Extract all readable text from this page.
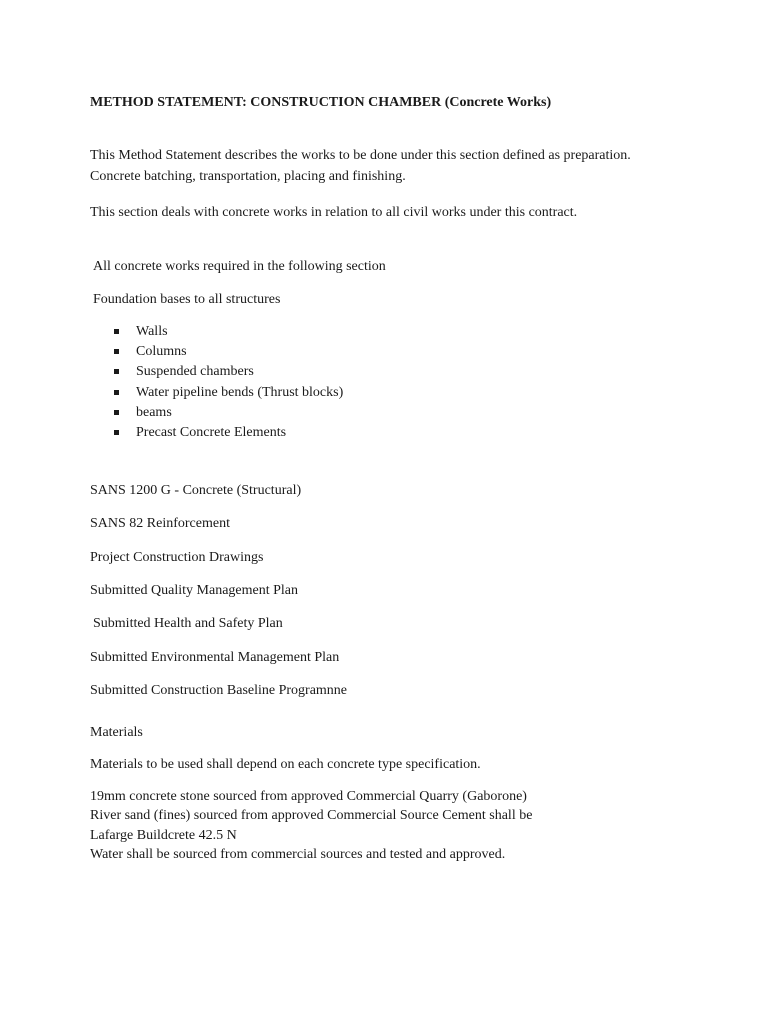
METHOD STATEMENT: CONSTRUCTION CHAMBER (Concrete Works)
This Method Statement describes the works to be done under this section defined as preparation.
Concrete batching, transportation, placing and finishing.
This section deals with concrete works in relation to all civil works under this contract.
All concrete works required in the following section
Foundation bases to all structures
Walls
Columns
Suspended chambers
Water pipeline bends (Thrust blocks)
beams
Precast Concrete Elements
SANS 1200 G - Concrete (Structural)
SANS 82 Reinforcement
Project Construction Drawings
Submitted Quality Management Plan
Submitted Health and Safety Plan
Submitted Environmental Management Plan
Submitted Construction Baseline Programnne
Materials
Materials to be used shall depend on each concrete type specification.
19mm concrete stone sourced from approved Commercial Quarry (Gaborone)
River sand (fines) sourced from approved Commercial Source Cement shall be
Lafarge Buildcrete 42.5 N
Water shall be sourced from commercial sources and tested and approved.
